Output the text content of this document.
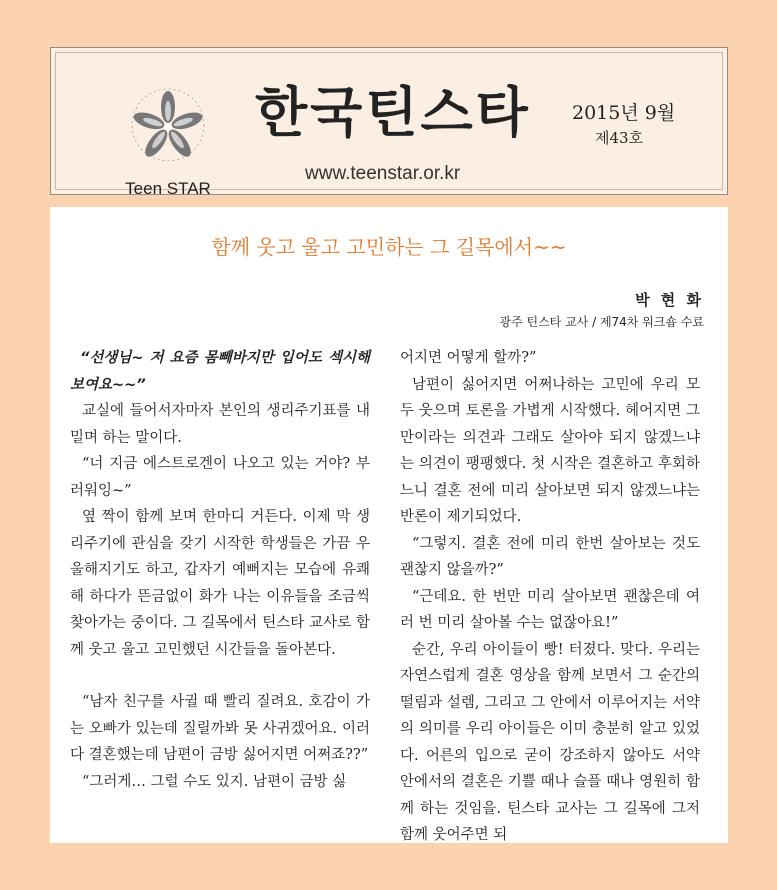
Teen STAR
한국틴스타 2015년 9월
제43호
www.teenstar.or.kr
함께 웃고 울고 고민하는 그 길목에서~~
박 현 화
광주 틴스타 교사 / 제74차 워크숍 수료

“선생님~ 저 요즘 몸빼바지만 입어도 섹시해 보여요~~”

교실에 들어서자마자 본인의 생리주기표를 내밀며 하는 말이다.

“너 지금 에스트로겐이 나오고 있는 거야? 부러워잉~”

옆 짝이 함께 보며 한마디 거든다. 이제 막 생리주기에 관심을 갖기 시작한 학생들은 가끔 우울해지기도 하고, 갑자기 예뻐지는 모습에 유쾌해 하다가 뜬금없이 화가 나는 이유들을 조금씩 찾아가는 중이다. 그 길목에서 틴스타 교사로 함께 웃고 울고 고민했던 시간들을 돌아본다.

“남자 친구를 사귈 때 빨리 질려요. 호감이 가는 오빠가 있는데 질릴까봐 못 사귀겠어요. 이러다 결혼했는데 남편이 금방 싫어지면 어쩌죠??”

“그러게… 그럴 수도 있지. 남편이 금방 싫

어지면 어떻게 할까?”

남편이 싫어지면 어쩌나하는 고민에 우리 모두 웃으며 토론을 가볍게 시작했다. 헤어지면 그만이라는 의견과 그래도 살아야 되지 않겠느냐는 의견이 팽팽했다. 첫 시작은 결혼하고 후회하느니 결혼 전에 미리 살아보면 되지 않겠느냐는 반론이 제기되었다.

“그렇지. 결혼 전에 미리 한번 살아보는 것도 괜찮지 않을까?”

“근데요. 한 번만 미리 살아보면 괜찮은데 여러 번 미리 살아볼 수는 없잖아요!”

순간, 우리 아이들이 빵! 터졌다. 맞다. 우리는 자연스럽게 결혼 영상을 함께 보면서 그 순간의 떨림과 설렘, 그리고 그 안에서 이루어지는 서약의 의미를 우리 아이들은 이미 충분히 알고 있었다. 어른의 입으로 굳이 강조하지 않아도 서약 안에서의 결혼은 기쁠 때나 슬플 때나 영원히 함께 하는 것임을. 틴스타 교사는 그 길목에 그저 함께 웃어주면 되
